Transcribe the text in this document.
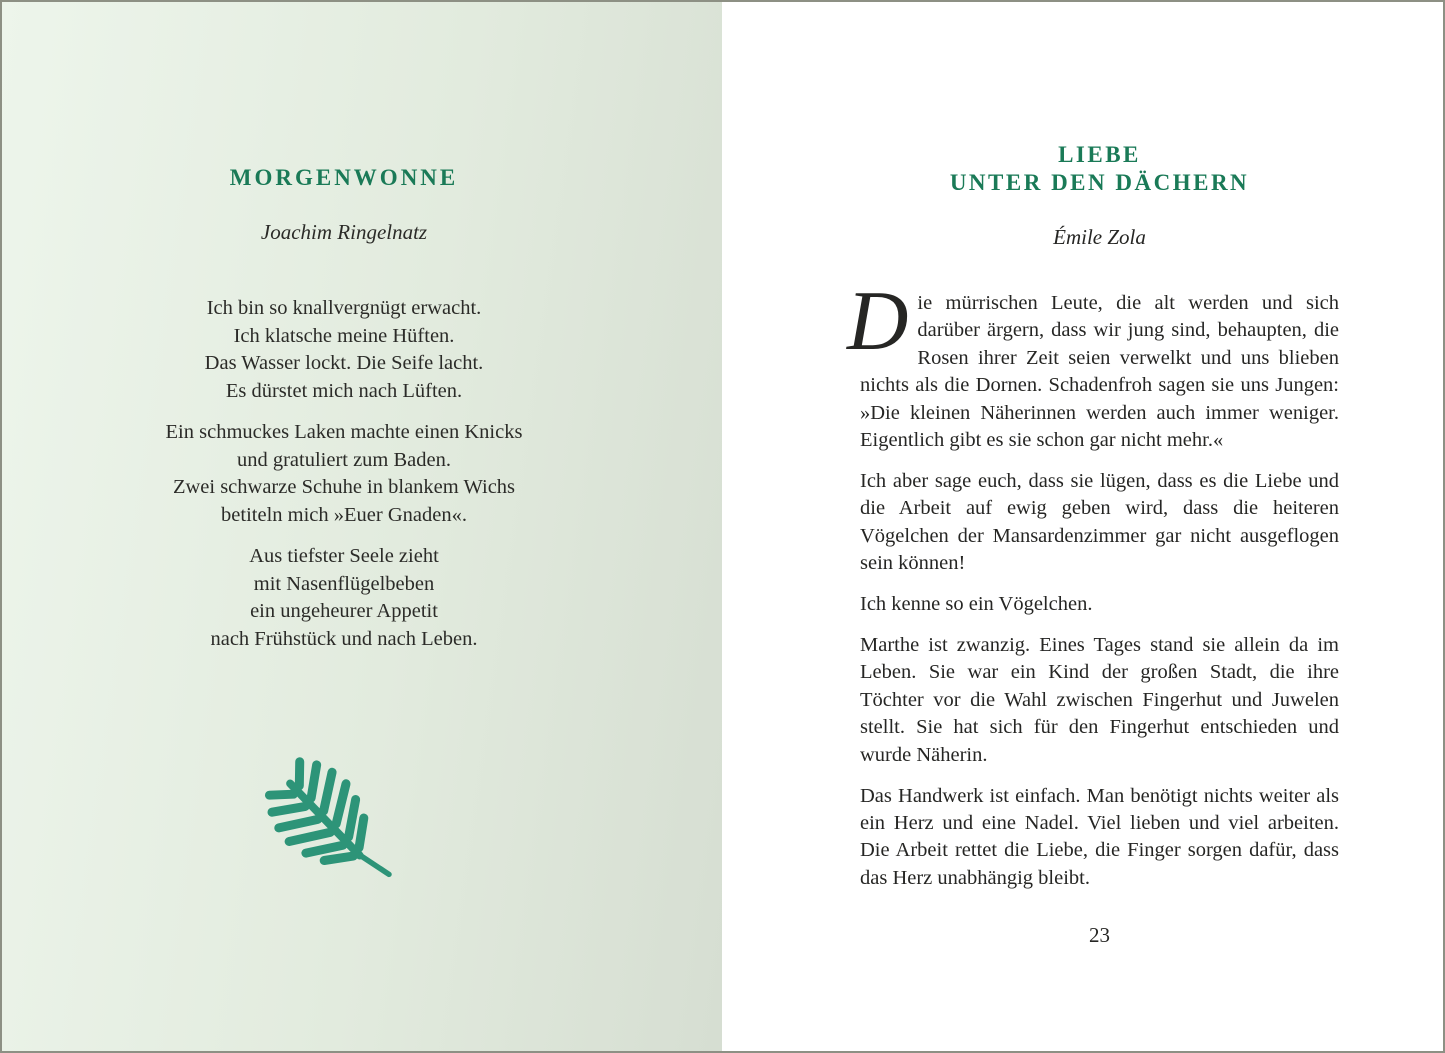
MORGENWONNE
Joachim Ringelnatz
Ich bin so knallvergnügt erwacht.
Ich klatsche meine Hüften.
Das Wasser lockt. Die Seife lacht.
Es dürstet mich nach Lüften.
Ein schmuckes Laken machte einen Knicks
und gratuliert zum Baden.
Zwei schwarze Schuhe in blankem Wichs
betiteln mich »Euer Gnaden«.
Aus tiefster Seele zieht
mit Nasenflügelbeben
ein ungeheurer Appetit
nach Frühstück und nach Leben.
LIEBE
UNTER DEN DÄCHERN
Émile Zola

Die mürrischen Leute, die alt werden und sich darüber ärgern, dass wir jung sind, behaupten, die Rosen ihrer Zeit seien verwelkt und uns blieben nichts als die Dornen. Schadenfroh sagen sie uns Jungen: »Die kleinen Näherinnen werden auch immer weniger. Eigentlich gibt es sie schon gar nicht mehr.«

Ich aber sage euch, dass sie lügen, dass es die Liebe und die Arbeit auf ewig geben wird, dass die heiteren Vögelchen der Mansardenzimmer gar nicht ausgeflogen sein können!

Ich kenne so ein Vögelchen.

Marthe ist zwanzig. Eines Tages stand sie allein da im Leben. Sie war ein Kind der großen Stadt, die ihre Töchter vor die Wahl zwischen Fingerhut und Juwelen stellt. Sie hat sich für den Fingerhut entschieden und wurde Näherin.

Das Handwerk ist einfach. Man benötigt nichts weiter als ein Herz und eine Nadel. Viel lieben und viel arbeiten. Die Arbeit rettet die Liebe, die Finger sorgen dafür, dass das Herz unabhängig bleibt.

23
